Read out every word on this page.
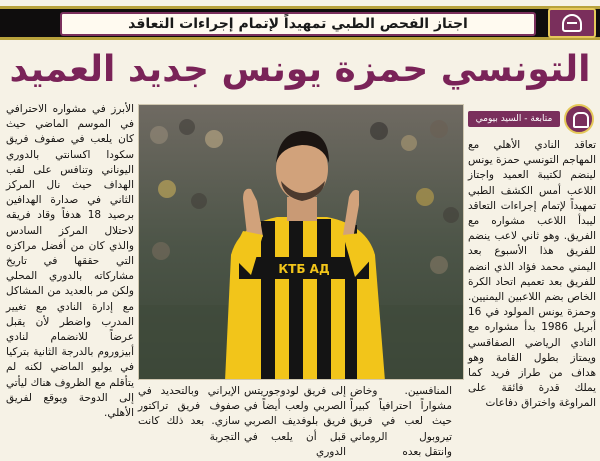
اجتاز الفحص الطبي تمهيداً لإتمام إجراءات التعاقد
التونسي حمزة يونس جديد العميد
متابعة - السيد بيومي
تعاقد النادي الأهلي مع المهاجم التونسي حمزة يونس لينضم لكتيبة العميد واجتاز اللاعب أمس الكشف الطبي تمهيداً لإتمام إجراءات التعاقد ليبدأ اللاعب مشواره مع الفريق. وهو ثاني لاعب ينضم للفريق هذا الأسبوع بعد اليمني محمد فؤاد الذي انضم للفريق بعد تعميم اتحاد الكرة الخاص بضم اللاعبين اليمنيين. وحمزة يونس المولود في 16 أبريل 1986 بدأ مشواره مع النادي الرياضي الصفاقسي ويمتاز بطول القامة وهو هداف من طراز فريد كما يملك قدرة فائقة على المراوغة واختراق دفاعات
КТБ АД
المنافسين. وخاض مشواراً احترافياً كبيراً حيث لعب في فريق تيروبول الروماني وانتقل بعده
إلى فريق لودوجوريتس الصربي ولعب أيضاً في فريق بلوفديف الصربي قبل أن يلعب في الدوري
الإيراني وبالتحديد في صفوف فريق تراكتور سازي. بعد ذلك كانت التجربة
الأبرز في مشواره الاحترافي في الموسم الماضي حيث كان يلعب في صفوف فريق سكودا اكسانتي بالدوري اليوناني وتنافس على لقب الهداف حيث نال المركز الثاني في صدارة الهدافين برصيد 18 هدفاً وقاد فريقه لاحتلال المركز السادس والذي كان من أفضل مراكزه التي حققها في تاريخ مشاركاته بالدوري المحلي ولكن مر بالعديد من المشاكل مع إدارة النادي مع تغيير المدرب واضطر لأن يقبل عرضاً للانضمام لنادي أبيزوروم بالدرجة الثانية بتركيا في يوليو الماضي لكنه لم يتأقلم مع الظروف هناك ليأتي إلى الدوحة ويوقع لفريق الأهلي.
